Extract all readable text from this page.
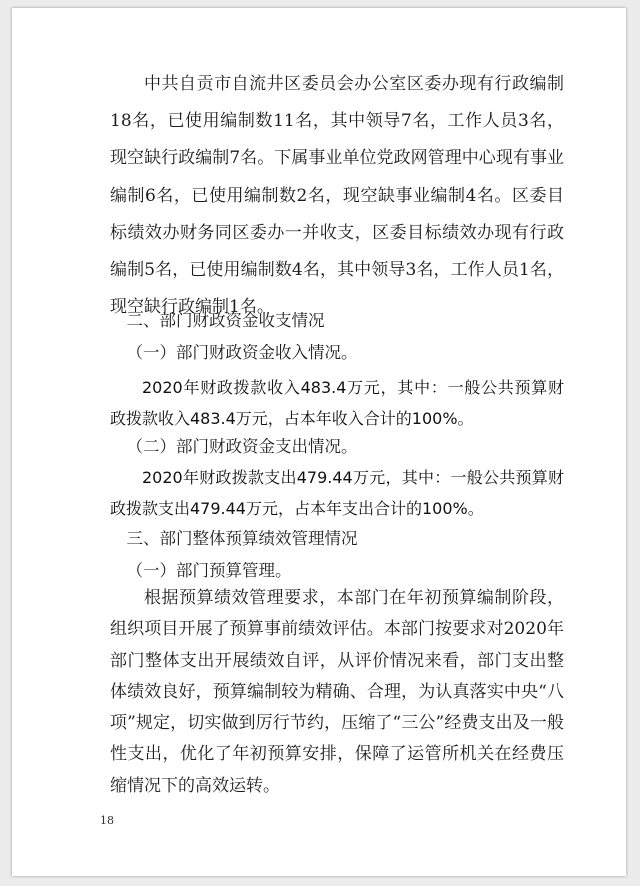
中共自贡市自流井区委员会办公室区委办现有行政编制18名，已使用编制数11名，其中领导7名，工作人员3名，现空缺行政编制7名。下属事业单位党政网管理中心现有事业编制6名，已使用编制数2名，现空缺事业编制4名。区委目标绩效办财务同区委办一并收支，区委目标绩效办现有行政编制5名，已使用编制数4名，其中领导3名，工作人员1名，现空缺行政编制1名。

二、部门财政资金收支情况

（一）部门财政资金收入情况。

2020年财政拨款收入483.4万元，其中：一般公共预算财政拨款收入483.4万元，占本年收入合计的100%。

（二）部门财政资金支出情况。

2020年财政拨款支出479.44万元，其中：一般公共预算财政拨款支出479.44万元，占本年支出合计的100%。

三、部门整体预算绩效管理情况

（一）部门预算管理。

根据预算绩效管理要求，本部门在年初预算编制阶段，组织项目开展了预算事前绩效评估。本部门按要求对2020年部门整体支出开展绩效自评，从评价情况来看，部门支出整体绩效良好，预算编制较为精确、合理，为认真落实中央“八项”规定，切实做到厉行节约，压缩了“三公”经费支出及一般性支出，优化了年初预算安排，保障了运管所机关在经费压缩情况下的高效运转。

18
